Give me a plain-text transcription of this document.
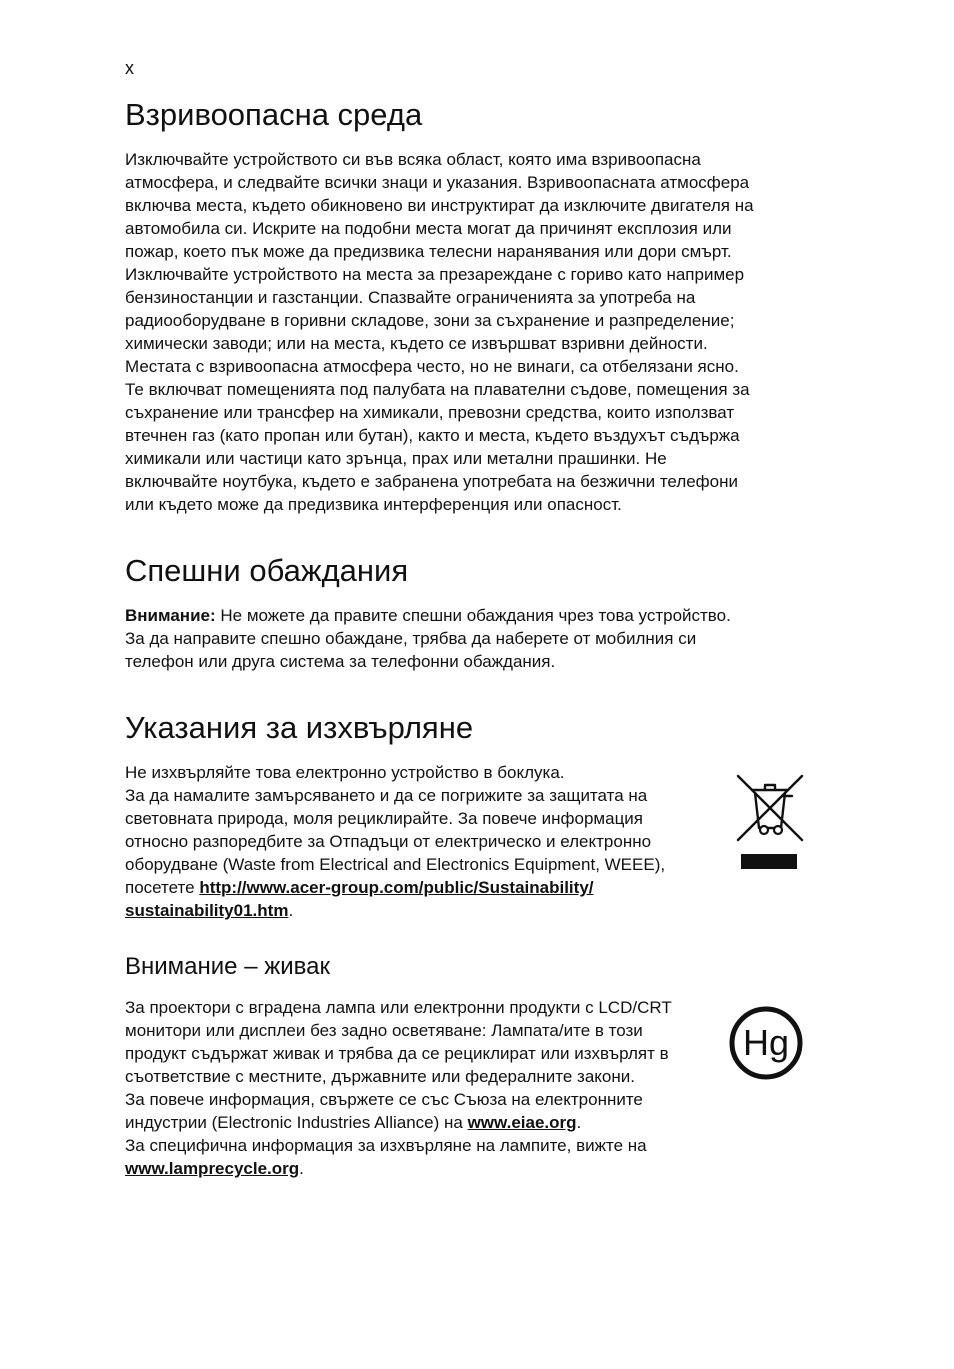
x
Взривоопасна среда

Изключвайте устройството си във всяка област, която има взривоопасна

атмосфера, и следвайте всички знаци и указания. Взривоопасната атмосфера

включва места, където обикновено ви инструктират да изключите двигателя на

автомобила си. Искрите на подобни места могат да причинят експлозия или

пожар, което пък може да предизвика телесни наранявания или дори смърт.

Изключвайте устройството на места за презареждане с гориво като например

бензиностанции и газстанции. Спазвайте ограниченията за употреба на

радиооборудване в горивни складове, зони за съхранение и разпределение;

химически заводи; или на места, където се извършват взривни дейности.

Местата с взривоопасна атмосфера често, но не винаги, са отбелязани ясно.

Те включват помещенията под палубата на плавателни съдове, помещения за

съхранение или трансфер на химикали, превозни средства, които използват

втечнен газ (като пропан или бутан), както и места, където въздухът съдържа

химикали или частици като зрънца, прах или метални прашинки. Не

включвайте ноутбука, където е забранена употребата на безжични телефони

или където може да предизвика интерференция или опасност.

Спешни обаждания

Внимание: Не можете да правите спешни обаждания чрез това устройство.

За да направите спешно обаждане, трябва да наберете от мобилния си

телефон или друга система за телефонни обаждания.

Указания за изхвърляне

Не изхвърляйте това електронно устройство в боклука.

За да намалите замърсяването и да се погрижите за защитата на

световната природа, моля рециклирайте. За повече информация

относно разпоредбите за Отпадъци от електрическо и електронно

оборудване (Waste from Electrical and Electronics Equipment, WEEE),

посетете http://www.acer-group.com/public/Sustainability/

sustainability01.htm.

Внимание – живак

За проектори с вградена лампа или електронни продукти с LCD/CRT

монитори или дисплеи без задно осветяване: Лампата/ите в този

продукт съдържат живак и трябва да се рециклират или изхвърлят в

съответствие с местните, държавните или федералните закони.

За повече информация, свържете се със Съюза на електронните

индустрии (Electronic Industries Alliance) на www.eiae.org.

За специфична информация за изхвърляне на лампите, вижте на

www.lamprecycle.org.

Hg
